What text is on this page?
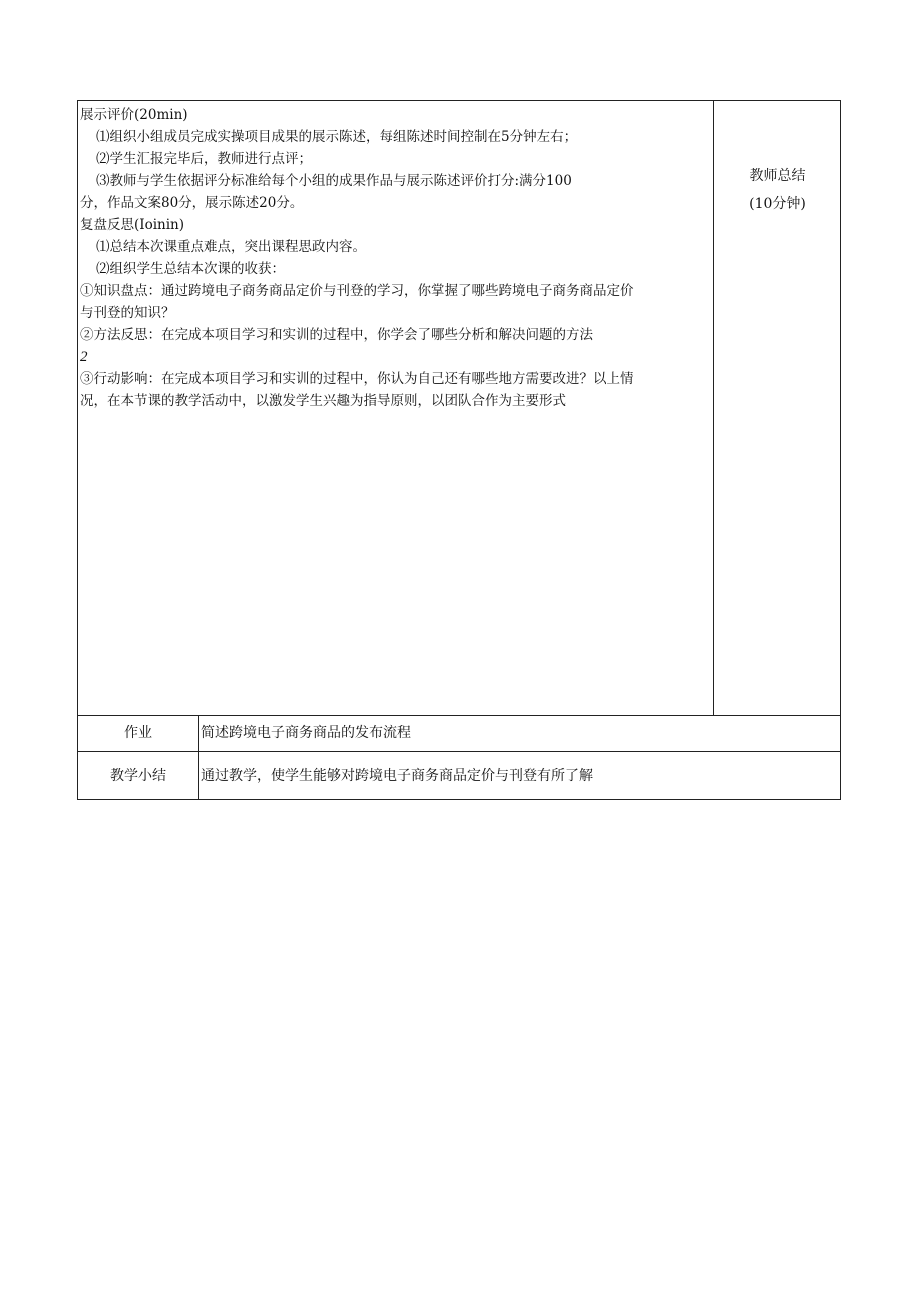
展示评价(20min)

⑴组织小组成员完成实操项目成果的展示陈述，每组陈述时间控制在5分钟左右；

⑵学生汇报完毕后，教师进行点评；

⑶教师与学生依据评分标准给每个小组的成果作品与展示陈述评价打分:满分100

分，作品文案80分，展示陈述20分。

复盘反思(Ioinin)

⑴总结本次课重点难点，突出课程思政内容。

⑵组织学生总结本次课的收获：

①知识盘点：通过跨境电子商务商品定价与刊登的学习，你掌握了哪些跨境电子商务商品定价

与刊登的知识？

②方法反思：在完成本项目学习和实训的过程中，你学会了哪些分析和解决问题的方法

2

③行动影响：在完成本项目学习和实训的过程中，你认为自己还有哪些地方需要改进？以上情

况，在本节课的教学活动中，以激发学生兴趣为指导原则，以团队合作为主要形式

教师总结
(10分钟)
作业	简述跨境电子商务商品的发布流程
教学小结	通过教学，使学生能够对跨境电子商务商品定价与刊登有所了解
